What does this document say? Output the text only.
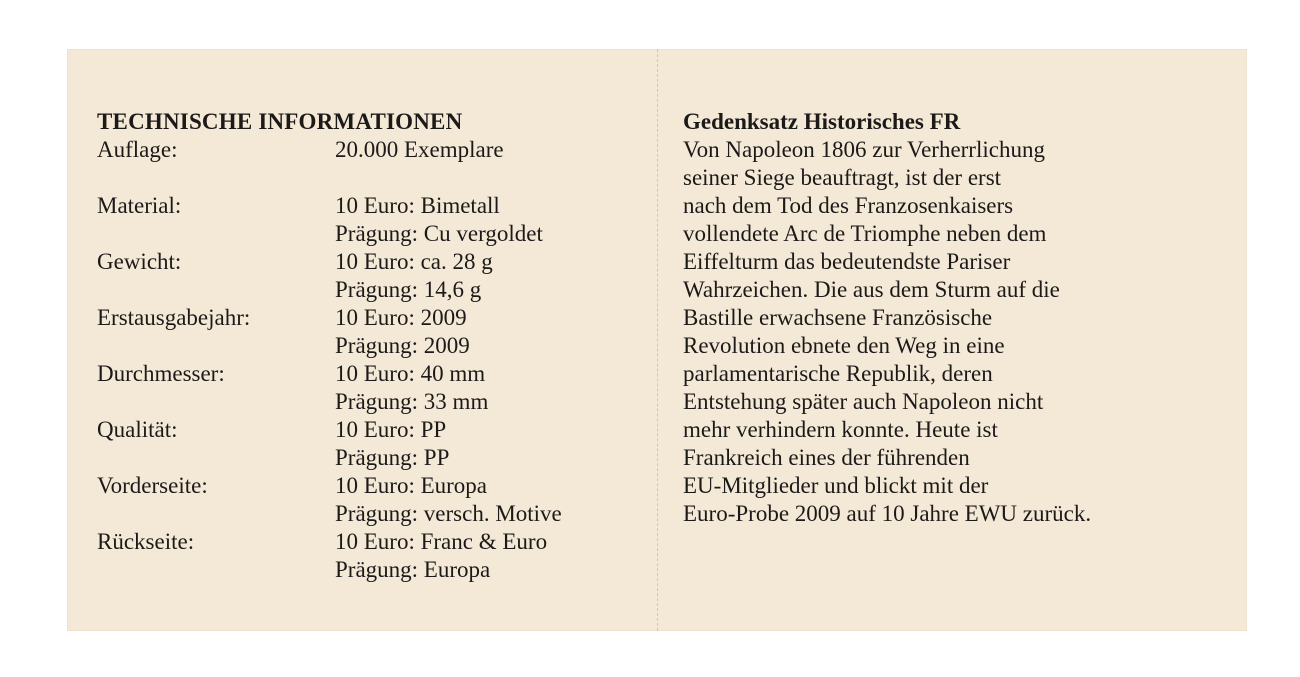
TECHNISCHE INFORMATIONEN
Auflage:	20.000 Exemplare
Material:	10 Euro: Bimetall
Prägung: Cu vergoldet
Gewicht:	10 Euro: ca. 28 g
Prägung: 14,6 g
Erstausgabejahr:	10 Euro: 2009
Prägung: 2009
Durchmesser:	10 Euro: 40 mm
Prägung: 33 mm
Qualität:	10 Euro: PP
Prägung: PP
Vorderseite:	10 Euro: Europa
Prägung: versch. Motive
Rückseite:	10 Euro: Franc & Euro
Prägung: Europa
Gedenksatz Historisches FR
Von Napoleon 1806 zur Verherrlichung
seiner Siege beauftragt, ist der erst
nach dem Tod des Franzosenkaisers
vollendete Arc de Triomphe neben dem
Eiffelturm das bedeutendste Pariser
Wahrzeichen. Die aus dem Sturm auf die
Bastille erwachsene Französische
Revolution ebnete den Weg in eine
parlamentarische Republik, deren
Entstehung später auch Napoleon nicht
mehr verhindern konnte. Heute ist
Frankreich eines der führenden
EU-Mitglieder und blickt mit der
Euro-Probe 2009 auf 10 Jahre EWU zurück.
